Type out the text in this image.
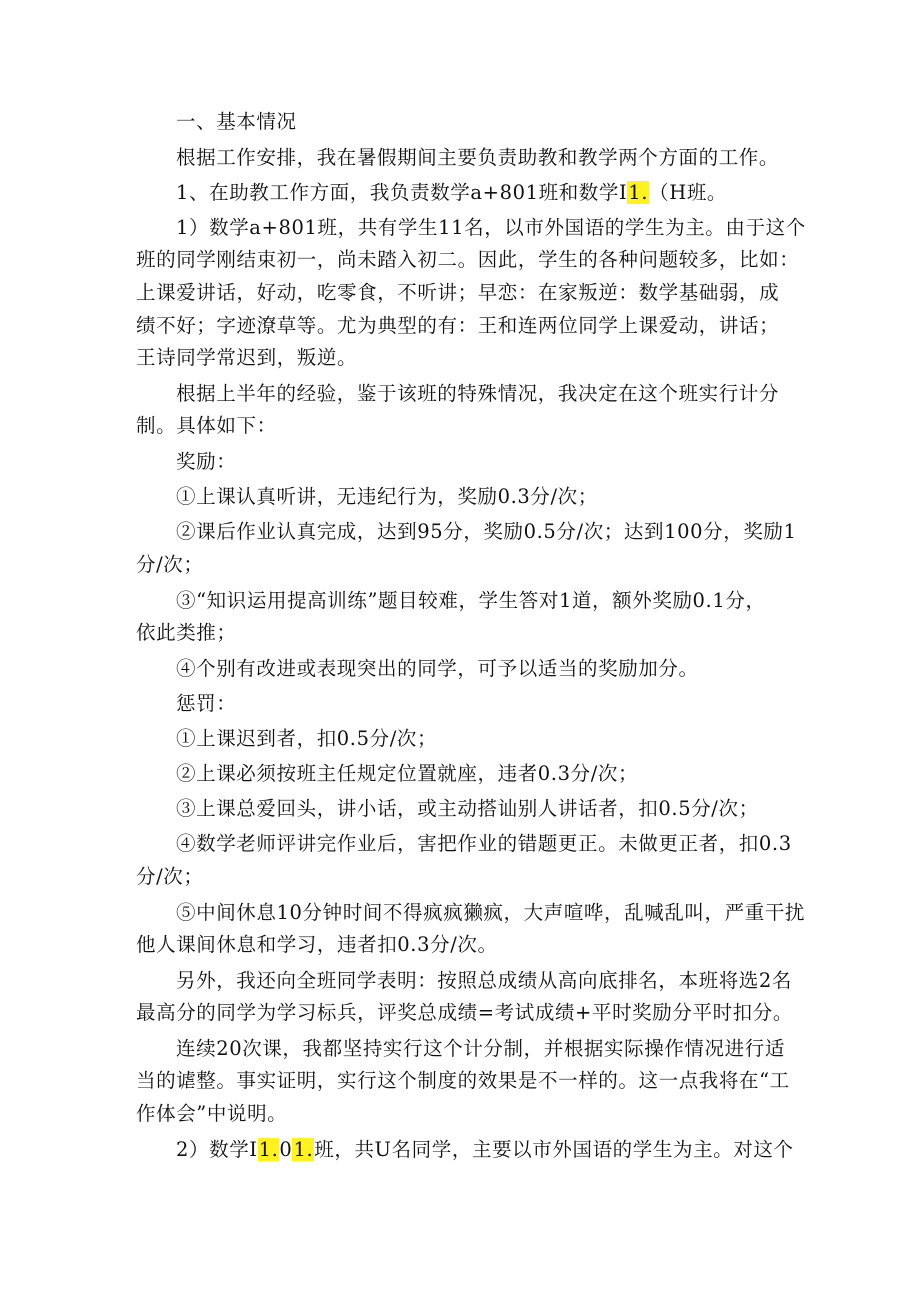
一、基本情况
根据工作安排，我在暑假期间主要负责助教和教学两个方面的工作。
1、在助教工作方面，我负责数学a+801班和数学I1.（H班。
1）数学a+801班，共有学生11名，以市外国语的学生为主。由于这个
班的同学刚结束初一，尚未踏入初二。因此，学生的各种问题较多，比如：
上课爱讲话，好动，吃零食，不听讲；早恋：在家叛逆：数学基础弱，成
绩不好；字迹潦草等。尤为典型的有：王和连两位同学上课爱动，讲话；
王诗同学常迟到，叛逆。
根据上半年的经验，鉴于该班的特殊情况，我决定在这个班实行计分
制。具体如下：
奖励：
①上课认真听讲，无违纪行为，奖励0.3分/次；
②课后作业认真完成，达到95分，奖励0.5分/次；达到100分，奖励1
分/次；
③“知识运用提高训练”题目较难，学生答对1道，额外奖励0.1分，
依此类推；
④个别有改进或表现突出的同学，可予以适当的奖励加分。
惩罚：
①上课迟到者，扣0.5分/次；
②上课必须按班主任规定位置就座，违者0.3分/次；
③上课总爱回头，讲小话，或主动搭讪别人讲话者，扣0.5分/次；
④数学老师评讲完作业后，害把作业的错题更正。未做更正者，扣0.3
分/次；
⑤中间休息10分钟时间不得疯疯獭疯，大声喧哗，乱喊乱叫，严重干扰
他人课间休息和学习，违者扣0.3分/次。
另外，我还向全班同学表明：按照总成绩从高向底排名，本班将选2名
最高分的同学为学习标兵，评奖总成绩=考试成绩+平时奖励分平时扣分。
连续20次课，我都坚持实行这个计分制，并根据实际操作情况进行适
当的谑整。事实证明，实行这个制度的效果是不一样的。这一点我将在“工
作体会”中说明。
2）数学I1.01.班，共U名同学，主要以市外国语的学生为主。对这个
